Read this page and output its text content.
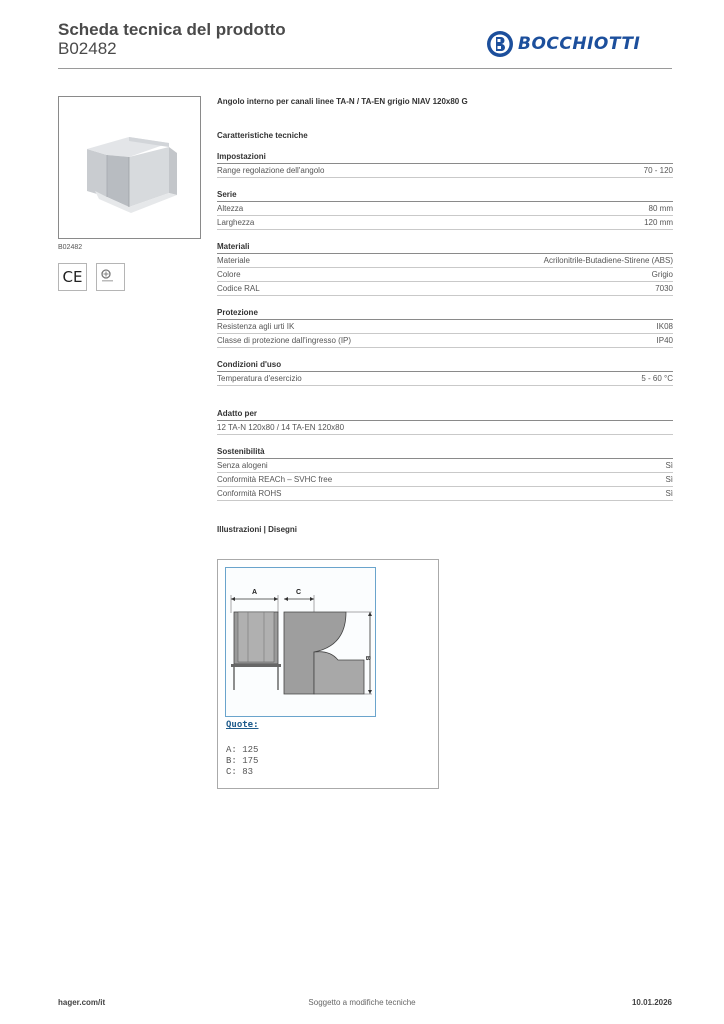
Scheda tecnica del prodotto
B02482	BOCCHIOTTI
B02482
CE
Angolo interno per canali linee TA-N / TA-EN grigio NIAV 120x80 G
Caratteristiche tecniche
Impostazioni
Range regolazione dell'angolo	70 - 120
Serie
Altezza	80 mm
Larghezza	120 mm
Materiali
Materiale	Acrilonitrile-Butadiene-Stirene (ABS)
Colore	Grigio
Codice RAL	7030
Protezione
Resistenza agli urti IK	IK08
Classe di protezione dall'ingresso (IP)	IP40
Condizioni d'uso
Temperatura d'esercizio	5 - 60 °C
Adatto per
12 TA-N 120x80 / 14 TA-EN 120x80
Sostenibilità
Senza alogeni	Sì
Conformità REACh – SVHC free	Sì
Conformità ROHS	Sì
Illustrazioni | Disegni
A	C
B
Quote:
A: 125
B: 175
C: 83
hager.com/it	Soggetto a modifiche tecniche	10.01.2026
